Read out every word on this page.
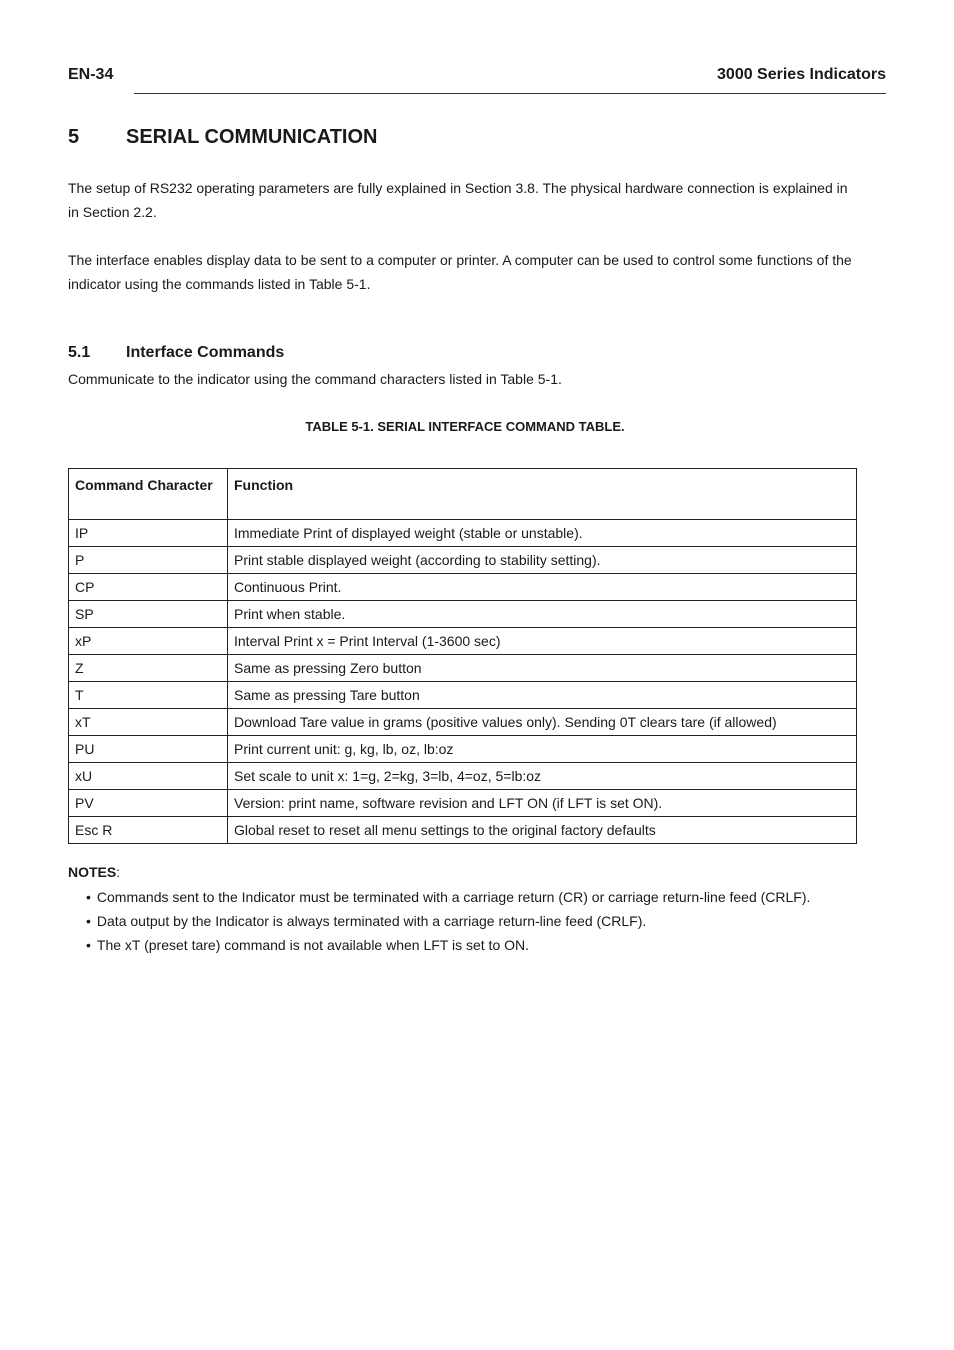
EN-34	3000 Series Indicators
5	SERIAL COMMUNICATION

The setup of RS232 operating parameters are fully explained in Section 3.8. The physical hardware connection is explained in in Section 2.2.

The interface enables display data to be sent to a computer or printer. A computer can be used to control some functions of the indicator using the commands listed in Table 5-1.

5.1	Interface Commands

Communicate to the indicator using the command characters listed in Table 5-1.

TABLE 5-1. SERIAL INTERFACE COMMAND TABLE.
Command Character	Function
IP	Immediate Print of displayed weight (stable or unstable).
P	Print stable displayed weight (according to stability setting).
CP	Continuous Print.
SP	Print when stable.
xP	Interval Print x = Print Interval (1-3600 sec)
Z	Same as pressing Zero button
T	Same as pressing Tare button
xT	Download Tare value in grams (positive values only). Sending 0T clears tare (if allowed)
PU	Print current unit: g, kg, lb, oz, lb:oz
xU	Set scale to unit x: 1=g, 2=kg, 3=lb, 4=oz, 5=lb:oz
PV	Version: print name, software revision and LFT ON (if LFT is set ON).
Esc R	Global reset to reset all menu settings to the original factory defaults
NOTES:
• Commands sent to the Indicator must be terminated with a carriage return (CR) or carriage return-line feed (CRLF).
• Data output by the Indicator is always terminated with a carriage return-line feed (CRLF).
• The xT (preset tare) command is not available when LFT is set to ON.
